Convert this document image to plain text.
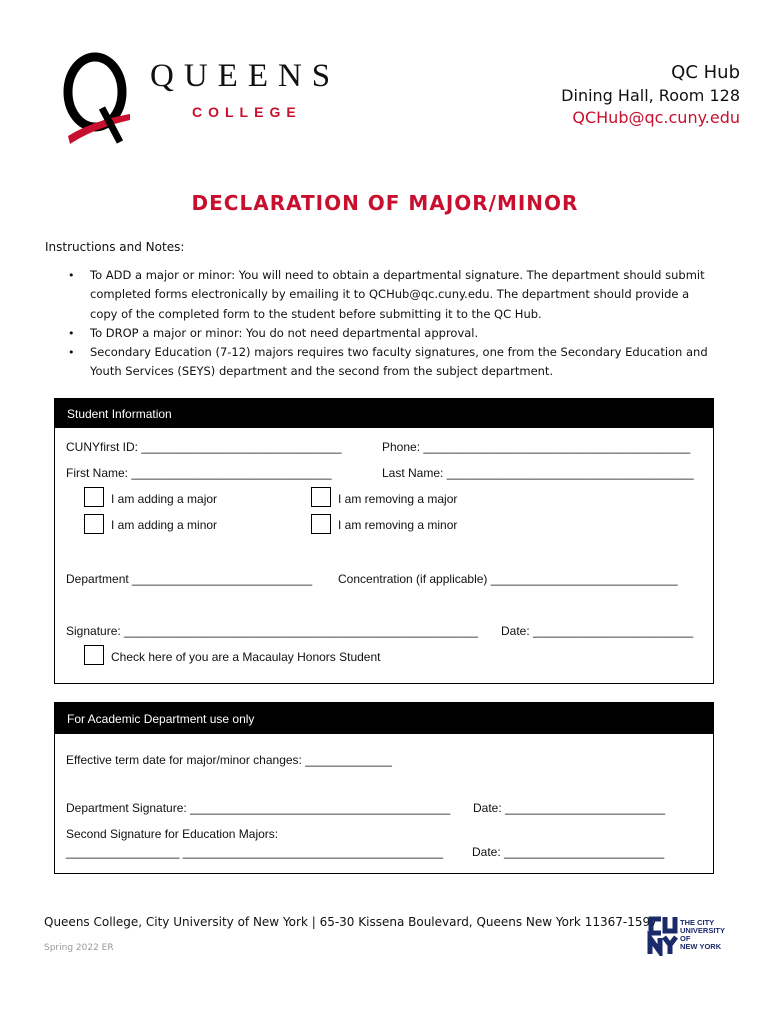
QUEENS
COLLEGE
QC Hub
Dining Hall, Room 128
QCHub@qc.cuny.edu
DECLARATION OF MAJOR/MINOR
Instructions and Notes:
•	To ADD a major or minor: You will need to obtain a departmental signature. The department should submit completed forms electronically by emailing it to QCHub@qc.cuny.edu. The department should provide a copy of the completed form to the student before submitting it to the QC Hub.
•	To DROP a major or minor: You do not need departmental approval.
•	Secondary Education (7-12) majors requires two faculty signatures, one from the Secondary Education and Youth Services (SEYS) department and the second from the subject department.
Student Information
CUNYfirst ID: ______________________________	Phone: ________________________________________
First Name: ______________________________	Last Name: _____________________________________
I am adding a major	I am removing a major
I am adding a minor	I am removing a minor
Department ___________________________ Concentration (if applicable) ____________________________
Signature: _____________________________________________________ Date: ________________________
Check here of you are a Macaulay Honors Student
For Academic Department use only
Effective term date for major/minor changes: _____________
Department Signature: _______________________________________ Date: ________________________
Second Signature for Education Majors:
_________________ _______________________________________ Date: ________________________
Queens College, City University of New York | 65-30 Kissena Boulevard, Queens New York 11367-1597
Spring 2022 ER
THE CITY
UNIVERSITY
OF
NEW YORK
